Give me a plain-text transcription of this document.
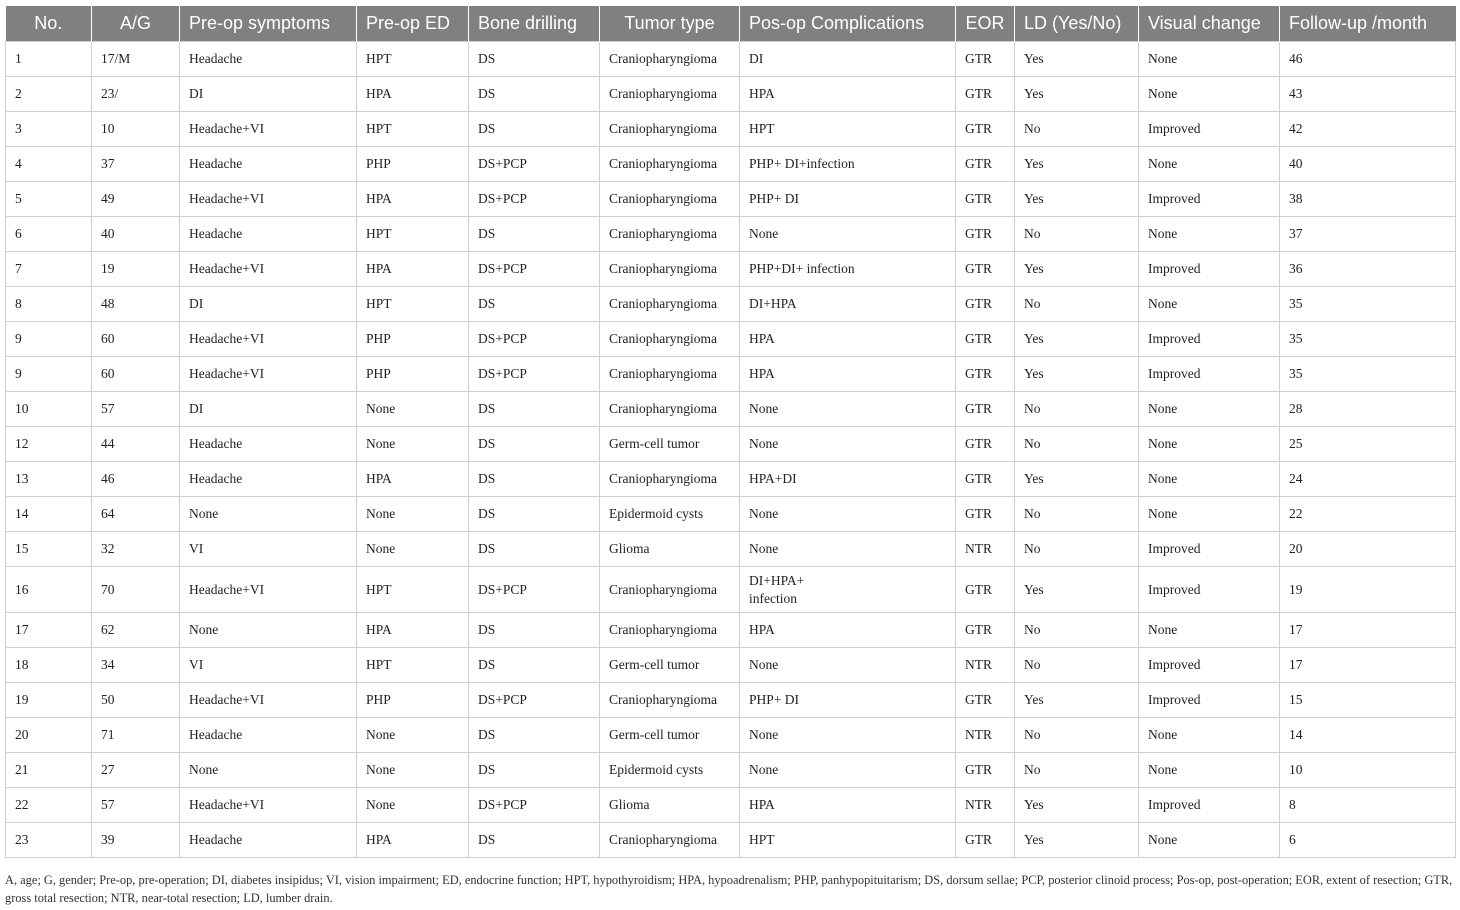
No.	A/G	Pre-op symptoms	Pre-op ED	Bone drilling	Tumor type	Pos-op Complications	EOR	LD (Yes/No)	Visual change	Follow-up /month
1	17/M	Headache	HPT	DS	Craniopharyngioma	DI	GTR	Yes	None	46
2	23/	DI	HPA	DS	Craniopharyngioma	HPA	GTR	Yes	None	43
3	10	Headache+VI	HPT	DS	Craniopharyngioma	HPT	GTR	No	Improved	42
4	37	Headache	PHP	DS+PCP	Craniopharyngioma	PHP+ DI+infection	GTR	Yes	None	40
5	49	Headache+VI	HPA	DS+PCP	Craniopharyngioma	PHP+ DI	GTR	Yes	Improved	38
6	40	Headache	HPT	DS	Craniopharyngioma	None	GTR	No	None	37
7	19	Headache+VI	HPA	DS+PCP	Craniopharyngioma	PHP+DI+ infection	GTR	Yes	Improved	36
8	48	DI	HPT	DS	Craniopharyngioma	DI+HPA	GTR	No	None	35
9	60	Headache+VI	PHP	DS+PCP	Craniopharyngioma	HPA	GTR	Yes	Improved	35
9	60	Headache+VI	PHP	DS+PCP	Craniopharyngioma	HPA	GTR	Yes	Improved	35
10	57	DI	None	DS	Craniopharyngioma	None	GTR	No	None	28
12	44	Headache	None	DS	Germ-cell tumor	None	GTR	No	None	25
13	46	Headache	HPA	DS	Craniopharyngioma	HPA+DI	GTR	Yes	None	24
14	64	None	None	DS	Epidermoid cysts	None	GTR	No	None	22
15	32	VI	None	DS	Glioma	None	NTR	No	Improved	20
16	70	Headache+VI	HPT	DS+PCP	Craniopharyngioma	DI+HPA+
infection	GTR	Yes	Improved	19
17	62	None	HPA	DS	Craniopharyngioma	HPA	GTR	No	None	17
18	34	VI	HPT	DS	Germ-cell tumor	None	NTR	No	Improved	17
19	50	Headache+VI	PHP	DS+PCP	Craniopharyngioma	PHP+ DI	GTR	Yes	Improved	15
20	71	Headache	None	DS	Germ-cell tumor	None	NTR	No	None	14
21	27	None	None	DS	Epidermoid cysts	None	GTR	No	None	10
22	57	Headache+VI	None	DS+PCP	Glioma	HPA	NTR	Yes	Improved	8
23	39	Headache	HPA	DS	Craniopharyngioma	HPT	GTR	Yes	None	6
A, age; G, gender; Pre-op, pre-operation; DI, diabetes insipidus; VI, vision impairment; ED, endocrine function; HPT, hypothyroidism; HPA, hypoadrenalism; PHP, panhypopituitarism; DS, dorsum sellae; PCP, posterior clinoid process; Pos-op, post-operation; EOR, extent of resection; GTR, gross total resection; NTR, near-total resection; LD, lumber drain.
